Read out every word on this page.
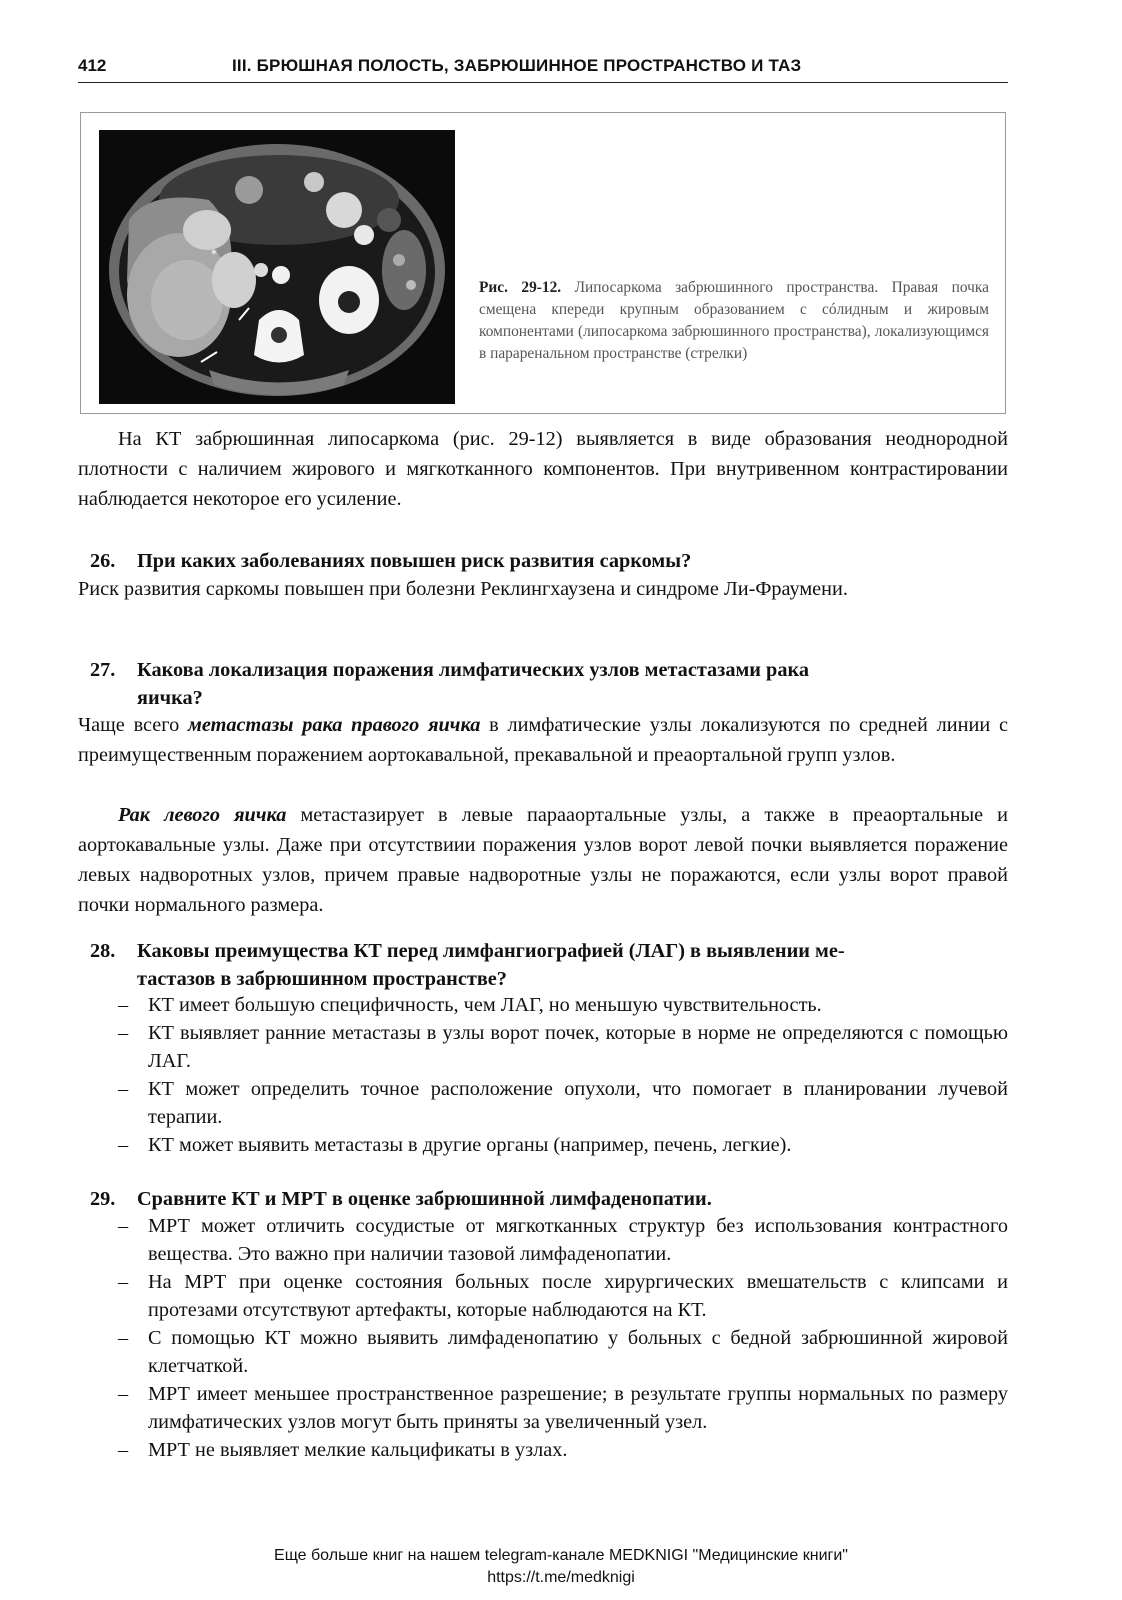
412	III. БРЮШНАЯ ПОЛОСТЬ, ЗАБРЮШИННОЕ ПРОСТРАНСТВО И ТАЗ
*
Рис. 29-12. Липосаркома забрюшинного пространства. Правая почка смещена кпереди крупным образованием с сóлидным и жировым компонентами (липосаркома забрюшинного пространства), локализующимся в параренальном пространстве (стрелки)

На КТ забрюшинная липосаркома (рис. 29-12) выявляется в виде образования неоднородной плотности с наличием жирового и мягкотканного компонентов. При внутривенном контрастировании наблюдается некоторое его усиление.

26. При каких заболеваниях повышен риск развития саркомы?

Риск развития саркомы повышен при болезни Реклингхаузена и синдроме Ли-Фраумени.

27. Какова локализация поражения лимфатических узлов метастазами рака
яичка?

Чаще всего метастазы рака правого яичка в лимфатические узлы локализуются по средней линии с преимущественным поражением аортокавальной, прекавальной и преаортальной групп узлов.

Рак левого яичка метастазирует в левые парааортальные узлы, а также в преаортальные и аортокавальные узлы. Даже при отсутствиии поражения узлов ворот левой почки выявляется поражение левых надворотных узлов, причем правые надворотные узлы не поражаются, если узлы ворот правой почки нормального размера.

28. Каковы преимущества КТ перед лимфангиографией (ЛАГ) в выявлении ме-
тастазов в забрюшинном пространстве?
– КТ имеет большую специфичность, чем ЛАГ, но меньшую чувствительность.
– КТ выявляет ранние метастазы в узлы ворот почек, которые в норме не определяются с помощью ЛАГ.
– КТ может определить точное расположение опухоли, что помогает в планировании лучевой терапии.
– КТ может выявить метастазы в другие органы (например, печень, легкие).
29. Сравните КТ и МРТ в оценке забрюшинной лимфаденопатии.
– МРТ может отличить сосудистые от мягкотканных структур без использования контрастного вещества. Это важно при наличии тазовой лимфаденопатии.
– На МРТ при оценке состояния больных после хирургических вмешательств с клипсами и протезами отсутствуют артефакты, которые наблюдаются на КТ.
– С помощью КТ можно выявить лимфаденопатию у больных с бедной забрюшинной жировой клетчаткой.
– МРТ имеет меньшее пространственное разрешение; в результате группы нормальных по размеру лимфатических узлов могут быть приняты за увеличенный узел.
– МРТ не выявляет мелкие кальцификаты в узлах.
Еще больше книг на нашем telegram-канале MEDKNIGI "Медицинские книги"
https://t.me/medknigi
